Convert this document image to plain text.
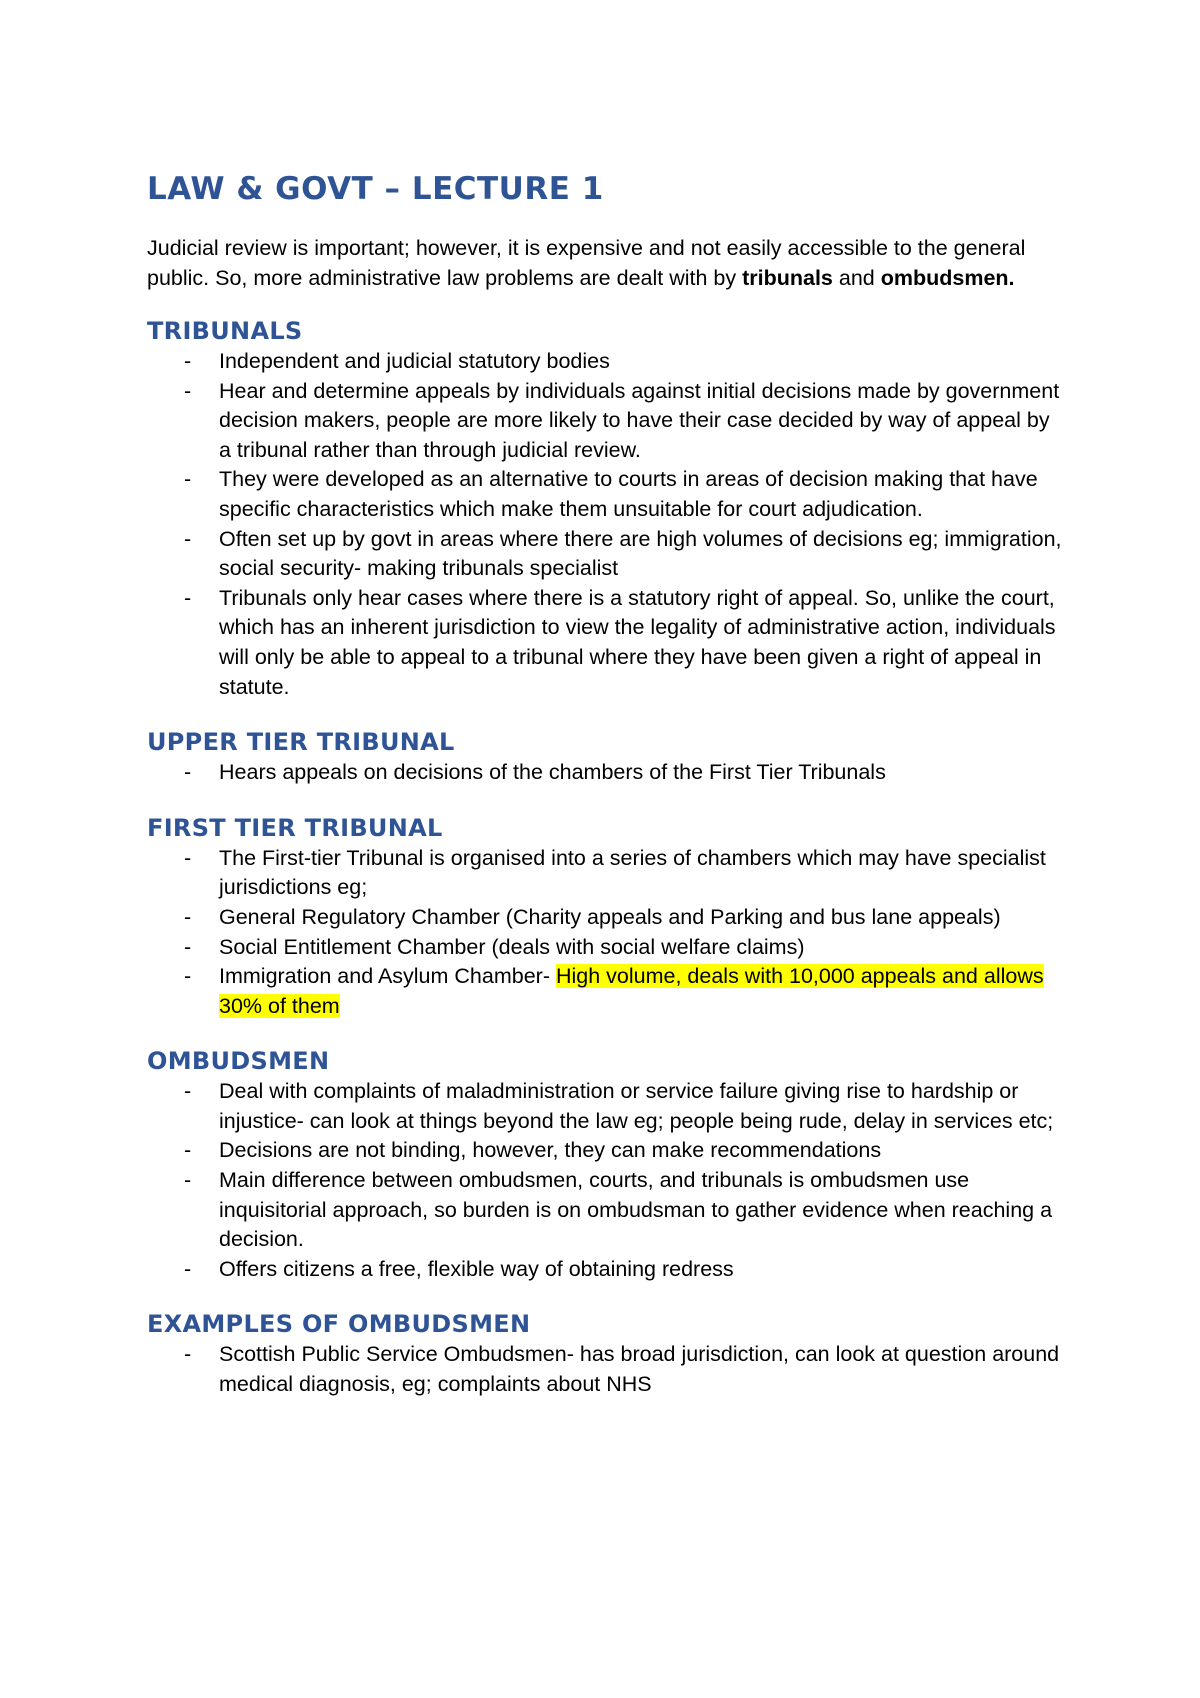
LAW & GOVT – LECTURE 1

Judicial review is important; however, it is expensive and not easily accessible to the general public. So, more administrative law problems are dealt with by tribunals and ombudsmen.

TRIBUNALS
- Independent and judicial statutory bodies
- Hear and determine appeals by individuals against initial decisions made by government decision makers, people are more likely to have their case decided by way of appeal by a tribunal rather than through judicial review.
- They were developed as an alternative to courts in areas of decision making that have specific characteristics which make them unsuitable for court adjudication.
- Often set up by govt in areas where there are high volumes of decisions eg; immigration, social security- making tribunals specialist
- Tribunals only hear cases where there is a statutory right of appeal. So, unlike the court, which has an inherent jurisdiction to view the legality of administrative action, individuals will only be able to appeal to a tribunal where they have been given a right of appeal in statute.
UPPER TIER TRIBUNAL
- Hears appeals on decisions of the chambers of the First Tier Tribunals
FIRST TIER TRIBUNAL
- The First-tier Tribunal is organised into a series of chambers which may have specialist jurisdictions eg;
- General Regulatory Chamber (Charity appeals and Parking and bus lane appeals)
- Social Entitlement Chamber (deals with social welfare claims)
- Immigration and Asylum Chamber- High volume, deals with 10,000 appeals and allows 30% of them
OMBUDSMEN
- Deal with complaints of maladministration or service failure giving rise to hardship or injustice- can look at things beyond the law eg; people being rude, delay in services etc;
- Decisions are not binding, however, they can make recommendations
- Main difference between ombudsmen, courts, and tribunals is ombudsmen use inquisitorial approach, so burden is on ombudsman to gather evidence when reaching a decision.
- Offers citizens a free, flexible way of obtaining redress
EXAMPLES OF OMBUDSMEN
- Scottish Public Service Ombudsmen- has broad jurisdiction, can look at question around medical diagnosis, eg; complaints about NHS
